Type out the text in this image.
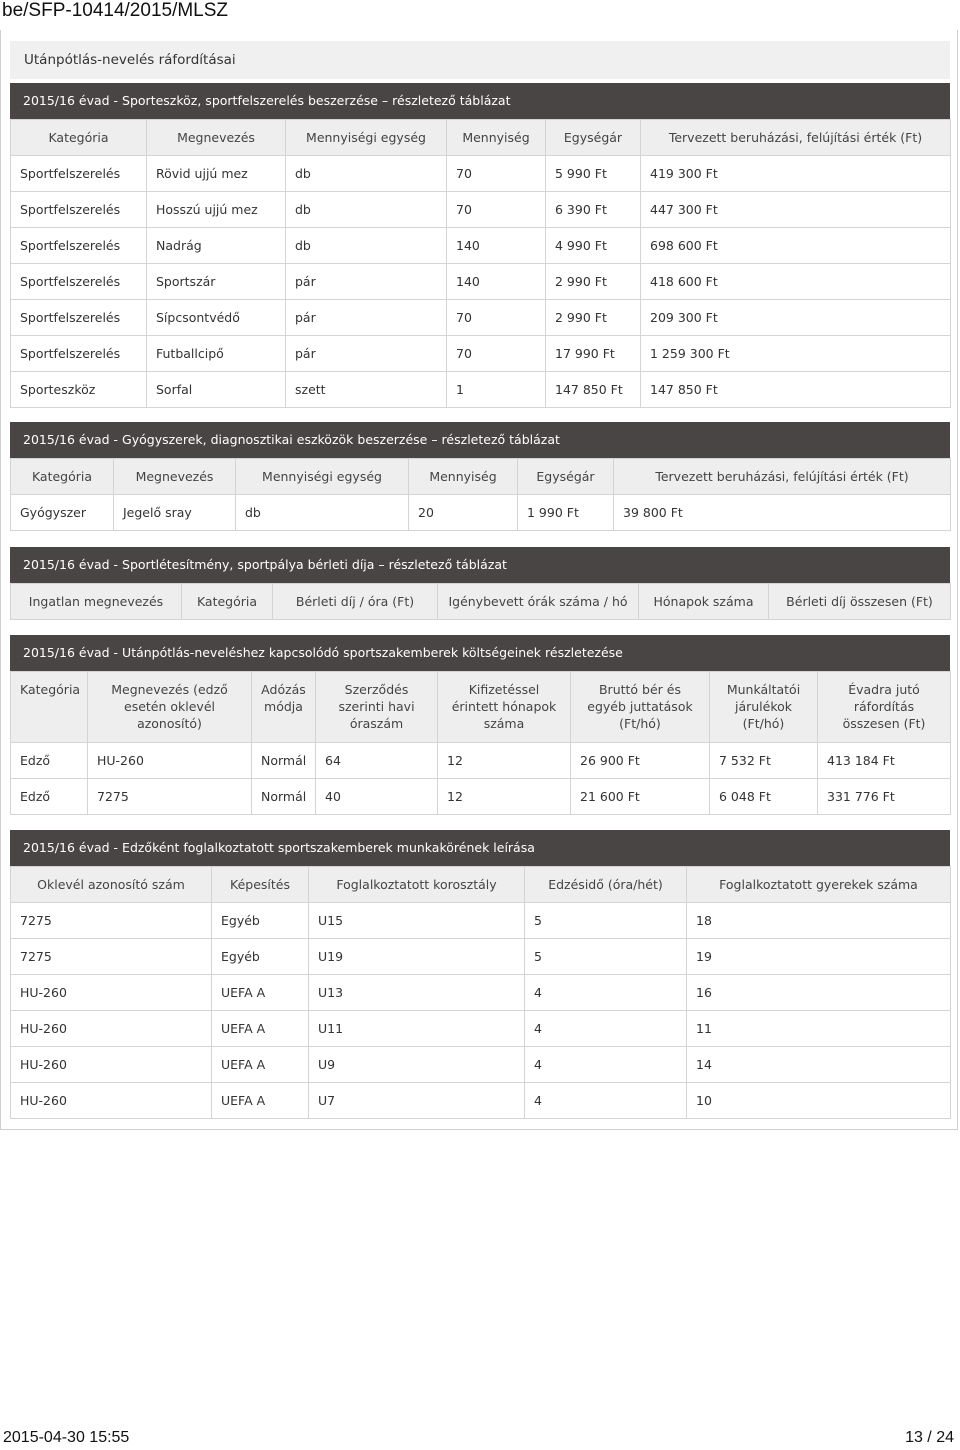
be/SFP-10414/2015/MLSZ
Utánpótlás-nevelés ráfordításai
2015/16 évad - Sporteszköz, sportfelszerelés beszerzése – részletező táblázat
Kategória	Megnevezés	Mennyiségi egység	Mennyiség	Egységár	Tervezett beruházási, felújítási érték (Ft)
Sportfelszerelés	Rövid ujjú mez	db	70	5 990 Ft	419 300 Ft
Sportfelszerelés	Hosszú ujjú mez	db	70	6 390 Ft	447 300 Ft
Sportfelszerelés	Nadrág	db	140	4 990 Ft	698 600 Ft
Sportfelszerelés	Sportszár	pár	140	2 990 Ft	418 600 Ft
Sportfelszerelés	Sípcsontvédő	pár	70	2 990 Ft	209 300 Ft
Sportfelszerelés	Futballcipő	pár	70	17 990 Ft	1 259 300 Ft
Sporteszköz	Sorfal	szett	1	147 850 Ft	147 850 Ft
2015/16 évad - Gyógyszerek, diagnosztikai eszközök beszerzése – részletező táblázat
Kategória	Megnevezés	Mennyiségi egység	Mennyiség	Egységár	Tervezett beruházási, felújítási érték (Ft)
Gyógyszer	Jegelő sray	db	20	1 990 Ft	39 800 Ft
2015/16 évad - Sportlétesítmény, sportpálya bérleti díja – részletező táblázat
Ingatlan megnevezés	Kategória	Bérleti díj / óra (Ft)	Igénybevett órák száma / hó	Hónapok száma	Bérleti díj összesen (Ft)
2015/16 évad - Utánpótlás-neveléshez kapcsolódó sportszakemberek költségeinek részletezése
Kategória	Megnevezés (edző esetén oklevél azonosító)	Adózás módja	Szerződés szerinti havi óraszám	Kifizetéssel érintett hónapok száma	Bruttó bér és egyéb juttatások (Ft/hó)	Munkáltatói járulékok (Ft/hó)	Évadra jutó ráfordítás összesen (Ft)
Edző	HU-260	Normál	64	12	26 900 Ft	7 532 Ft	413 184 Ft
Edző	7275	Normál	40	12	21 600 Ft	6 048 Ft	331 776 Ft
2015/16 évad - Edzőként foglalkoztatott sportszakemberek munkakörének leírása
Oklevél azonosító szám	Képesítés	Foglalkoztatott korosztály	Edzésidő (óra/hét)	Foglalkoztatott gyerekek száma
7275	Egyéb	U15	5	18
7275	Egyéb	U19	5	19
HU-260	UEFA A	U13	4	16
HU-260	UEFA A	U11	4	11
HU-260	UEFA A	U9	4	14
HU-260	UEFA A	U7	4	10
2015-04-30 15:55	13 / 24
